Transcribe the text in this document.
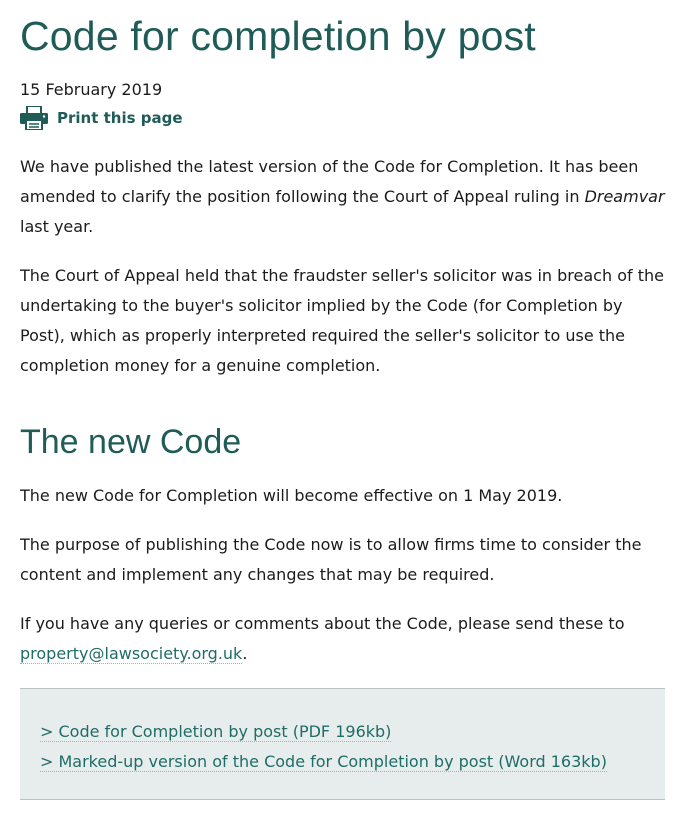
Code for completion by post
15 February 2019
Print this page

We have published the latest version of the Code for Completion. It has been amended to clarify the position following the Court of Appeal ruling in Dreamvar last year.

The Court of Appeal held that the fraudster seller's solicitor was in breach of the undertaking to the buyer's solicitor implied by the Code (for Completion by Post), which as properly interpreted required the seller's solicitor to use the completion money for a genuine completion.

The new Code

The new Code for Completion will become effective on 1 May 2019.

The purpose of publishing the Code now is to allow firms time to consider the content and implement any changes that may be required.

If you have any queries or comments about the Code, please send these to property@lawsociety.org.uk.

> Code for Completion by post (PDF 196kb)
> Marked-up version of the Code for Completion by post (Word 163kb)
